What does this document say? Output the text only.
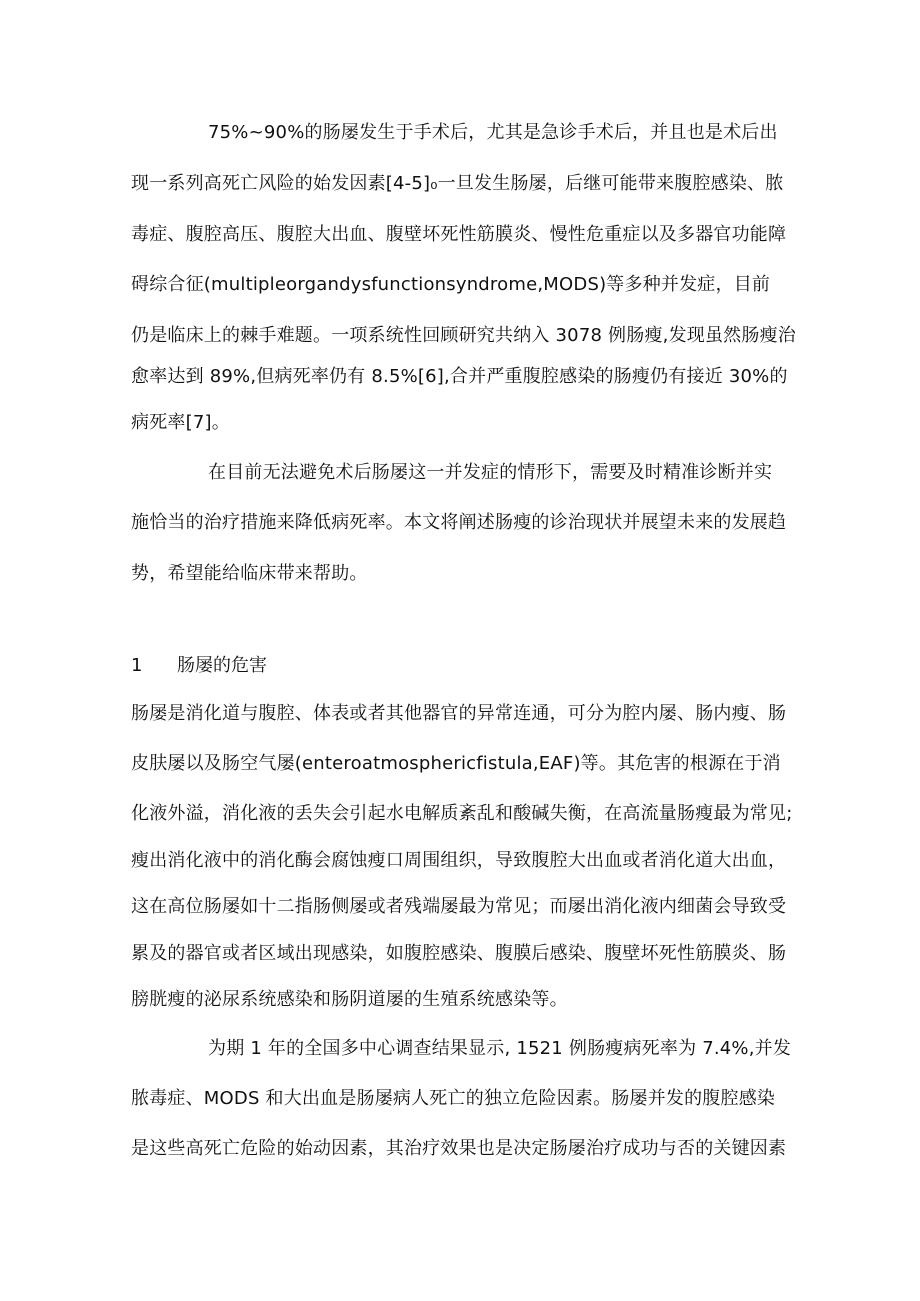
75%~90%的肠屡发生于手术后，尤其是急诊手术后，并且也是术后出
现一系列高死亡风险的始发因素[4-5]₀一旦发生肠屡，后继可能带来腹腔感染、脓
毒症、腹腔高压、腹腔大出血、腹壁坏死性筋膜炎、慢性危重症以及多器官功能障
碍综合征(multipleorgandysfunctionsyndrome,MODS)等多种并发症，目前
仍是临床上的棘手难题。一项系统性回顾研究共纳入 3078 例肠瘦,发现虽然肠瘦治
愈率达到 89%,但病死率仍有 8.5%[6],合并严重腹腔感染的肠瘦仍有接近 30%的
病死率[7]。
在目前无法避免术后肠屡这一并发症的情形下，需要及时精准诊断并实
施恰当的治疗措施来降低病死率。本文将阐述肠瘦的诊治现状并展望未来的发展趋
势，希望能给临床带来帮助。
1 肠屡的危害
肠屡是消化道与腹腔、体表或者其他器官的异常连通，可分为腔内屡、肠内瘦、肠
皮肤屡以及肠空气屡(enteroatmosphericfistula,EAF)等。其危害的根源在于消
化液外溢，消化液的丢失会引起水电解质紊乱和酸碱失衡，在高流量肠瘦最为常见;
瘦出消化液中的消化酶会腐蚀瘦口周围组织，导致腹腔大出血或者消化道大出血，
这在高位肠屡如十二指肠侧屡或者残端屡最为常见；而屡出消化液内细菌会导致受
累及的器官或者区域出现感染，如腹腔感染、腹膜后感染、腹壁坏死性筋膜炎、肠
膀胱瘦的泌尿系统感染和肠阴道屡的生殖系统感染等。
为期 1 年的全国多中心调查结果显示, 1521 例肠瘦病死率为 7.4%,并发
脓毒症、MODS 和大出血是肠屡病人死亡的独立危险因素。肠屡并发的腹腔感染
是这些高死亡危险的始动因素，其治疗效果也是决定肠屡治疗成功与否的关键因素
